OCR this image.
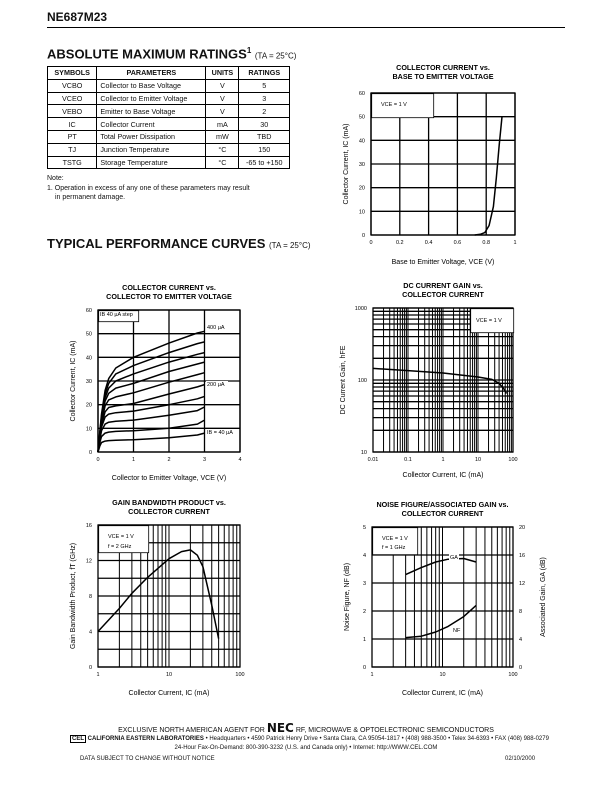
NE687M23
ABSOLUTE MAXIMUM RATINGS$^1$ (TA = 25°C)
SYMBOLS	PARAMETERS	UNITS	RATINGS
VCBO	Collector to Base Voltage	V	5
VCEO	Collector to Emitter Voltage	V	3
VEBO	Emitter to Base Voltage	V	2
IC	Collector Current	mA	30
PT	Total Power Dissipation	mW	TBD
TJ	Junction Temperature	°C	150
TSTG	Storage Temperature	°C	-65 to +150
Note:
1. Operation in excess of any one of these parameters may result
in permanent damage.
TYPICAL PERFORMANCE CURVES (TA = 25°C)
COLLECTOR CURRENT vs.
BASE TO EMITTER VOLTAGE
0	0.2	0.4	0.6	0.8	1
0
10
20
30
40
50
60
Base to Emitter Voltage, VCE (V)
Collector Current, IC (mA)
VCE = 1 V
COLLECTOR CURRENT vs.
COLLECTOR TO EMITTER VOLTAGE
0	1	2	3	4
0
10
20
30
40
50
60
Collector to Emitter Voltage, VCE (V)
Collector Current, IC (mA)
IB 40 µA step
400 µA
200 µA
IB = 40 µA
DC CURRENT GAIN vs.
COLLECTOR CURRENT
0.01	0.1	1	10	100
10
100
1000
Collector Current, IC (mA)
DC Current Gain, hFE
VCE = 1 V
GAIN BANDWIDTH PRODUCT vs.
COLLECTOR CURRENT
1	10	100
0
4
8
12
16
Collector Current, IC (mA)
Gain Bandwidth Product, fT (GHz)
VCE = 1 V
f = 2 GHz
NOISE FIGURE/ASSOCIATED GAIN vs.
COLLECTOR CURRENT
1	10	100
0
1
2
3
4
5
0
4
8
12
16
20
Associated Gain, GA (dB)
Collector Current, IC (mA)
Noise Figure, NF (dB)
VCE = 1 V
f = 1 GHz
GA
NF
EXCLUSIVE NORTH AMERICAN AGENT FOR NEC RF, MICROWAVE & OPTOELECTRONIC SEMICONDUCTORS
CEL CALIFORNIA EASTERN LABORATORIES • Headquarters • 4590 Patrick Henry Drive • Santa Clara, CA 95054-1817 • (408) 988-3500 • Telex 34-6393 • FAX (408) 988-0279
24-Hour Fax-On-Demand: 800-390-3232 (U.S. and Canada only) • Internet: http://WWW.CEL.COM
DATA SUBJECT TO CHANGE WITHOUT NOTICE	02/10/2000
